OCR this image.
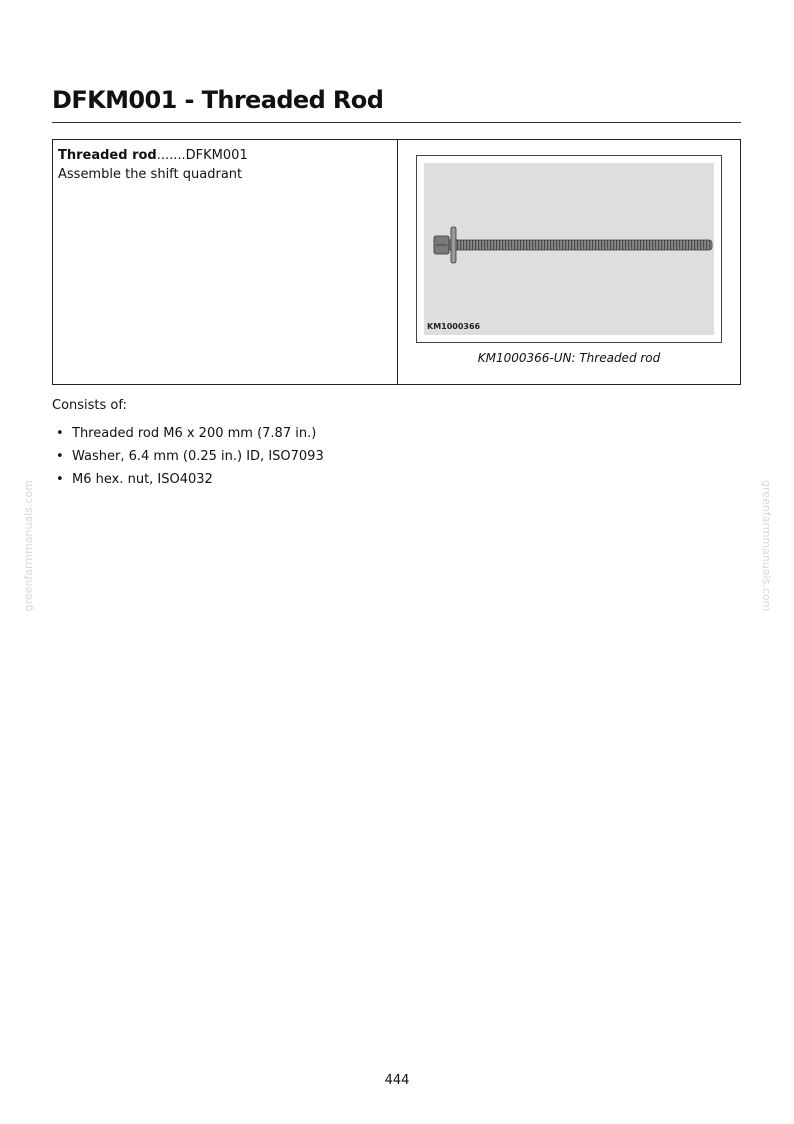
DFKM001 - Threaded Rod
Threaded rod.......DFKM001
Assemble the shift quadrant
KM1000366
KM1000366-UN: Threaded rod

Consists of:

• Threaded rod M6 x 200 mm (7.87 in.)
• Washer, 6.4 mm (0.25 in.) ID, ISO7093
• M6 hex. nut, ISO4032
greenfarmmanuals.com	greenfarmmanuals.com
444
